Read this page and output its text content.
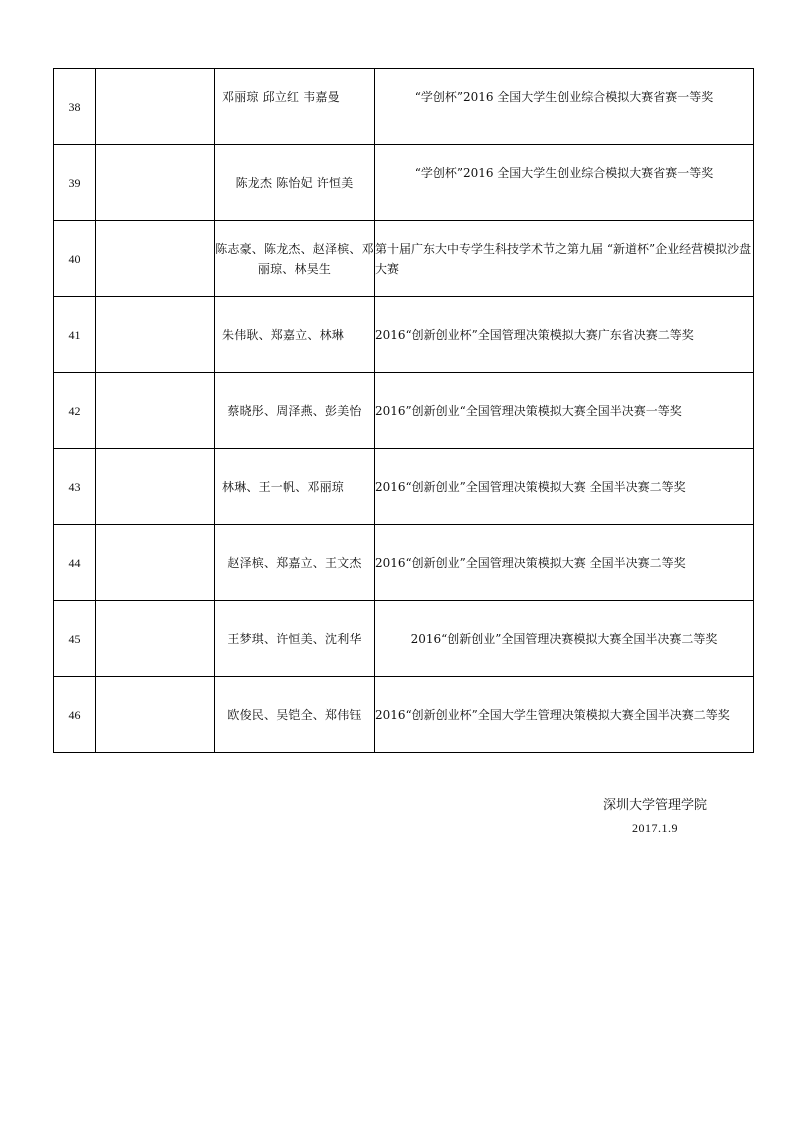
38		邓丽琼 邱立红 韦嘉曼	“学创杯”2016 全国大学生创业综合模拟大赛省赛一等奖
39		陈龙杰 陈怡妃 许恒美	“学创杯”2016 全国大学生创业综合模拟大赛省赛一等奖
40		陈志豪、陈龙杰、赵泽槟、邓丽琼、林昊生	第十届广东大中专学生科技学术节之第九届 “新道杯”企业经营模拟沙盘大赛
41		朱伟耿、郑嘉立、林琳	2016“创新创业杯”全国管理决策模拟大赛广东省决赛二等奖
42		蔡晓彤、周泽燕、彭美怡	2016”创新创业“全国管理决策模拟大赛全国半决赛一等奖
43		林琳、王一帆、邓丽琼	2016“创新创业”全国管理决策模拟大赛 全国半决赛二等奖
44		赵泽槟、郑嘉立、王文杰	2016“创新创业”全国管理决策模拟大赛 全国半决赛二等奖
45		王梦琪、许恒美、沈利华	2016“创新创业”全国管理决赛模拟大赛全国半决赛二等奖
46		欧俊民、吴铠全、郑伟钰	2016“创新创业杯”全国大学生管理决策模拟大赛全国半决赛二等奖
深圳大学管理学院
2017.1.9
